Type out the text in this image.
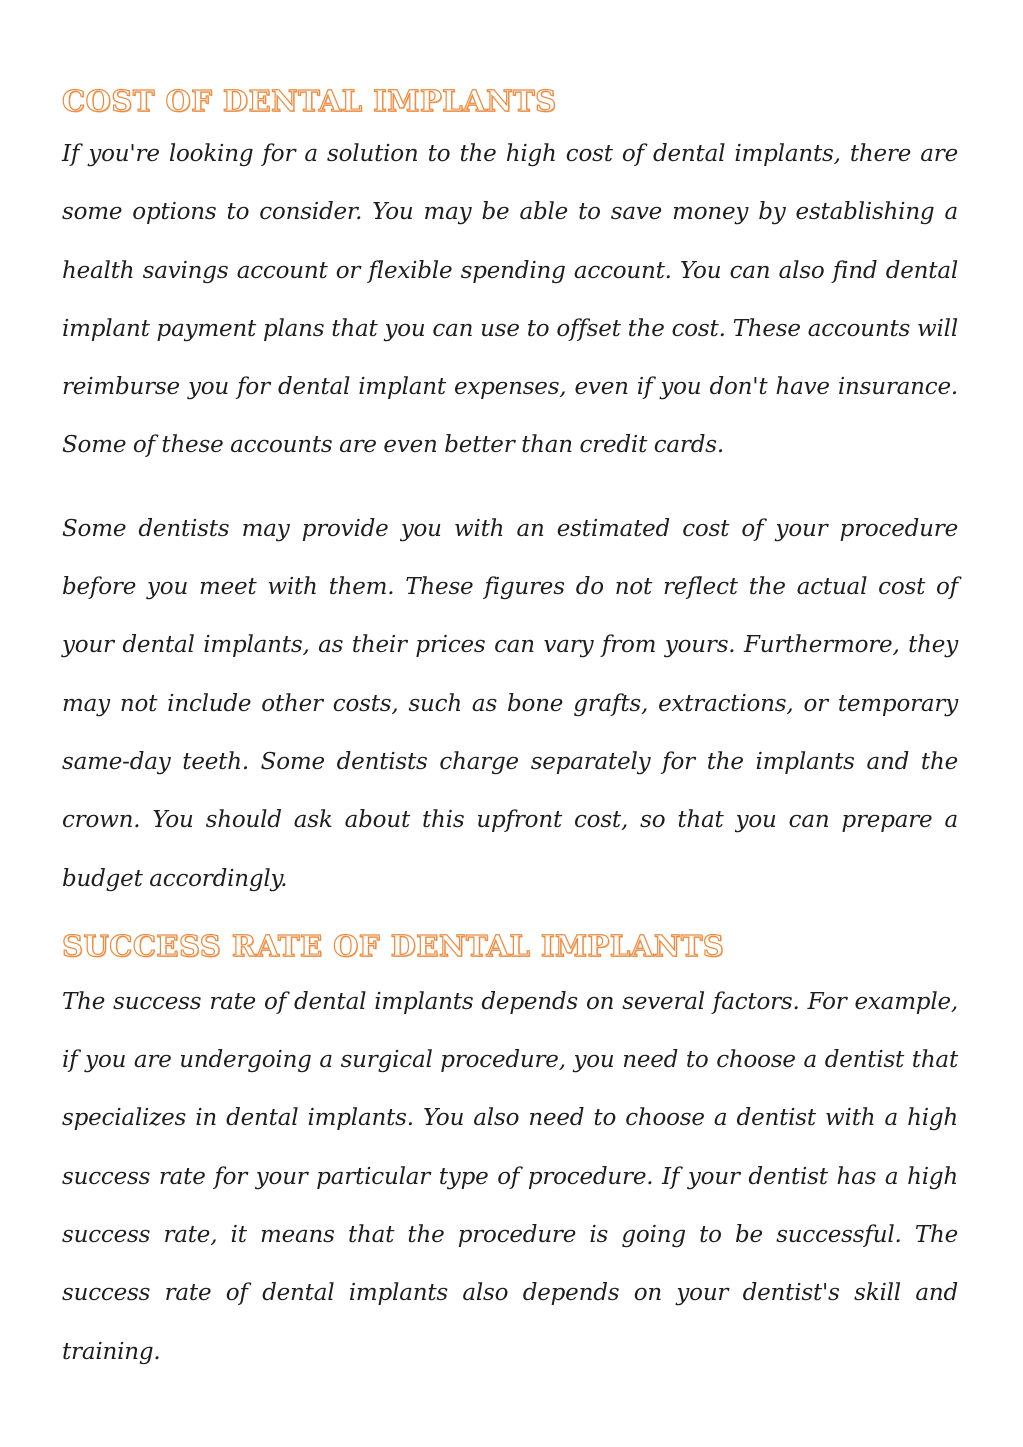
COST OF DENTAL IMPLANTS

If you're looking for a solution to the high cost of dental implants, there are some options to consider. You may be able to save money by establishing a health savings account or flexible spending account. You can also find dental implant payment plans that you can use to offset the cost. These accounts will reimburse you for dental implant expenses, even if you don't have insurance. Some of these accounts are even better than credit cards.

Some dentists may provide you with an estimated cost of your procedure before you meet with them. These figures do not reflect the actual cost of your dental implants, as their prices can vary from yours. Furthermore, they may not include other costs, such as bone grafts, extractions, or temporary same-day teeth. Some dentists charge separately for the implants and the crown. You should ask about this upfront cost, so that you can prepare a budget accordingly.

SUCCESS RATE OF DENTAL IMPLANTS

The success rate of dental implants depends on several factors. For example, if you are undergoing a surgical procedure, you need to choose a dentist that specializes in dental implants. You also need to choose a dentist with a high success rate for your particular type of procedure. If your dentist has a high success rate, it means that the procedure is going to be successful. The success rate of dental implants also depends on your dentist's skill and training.
